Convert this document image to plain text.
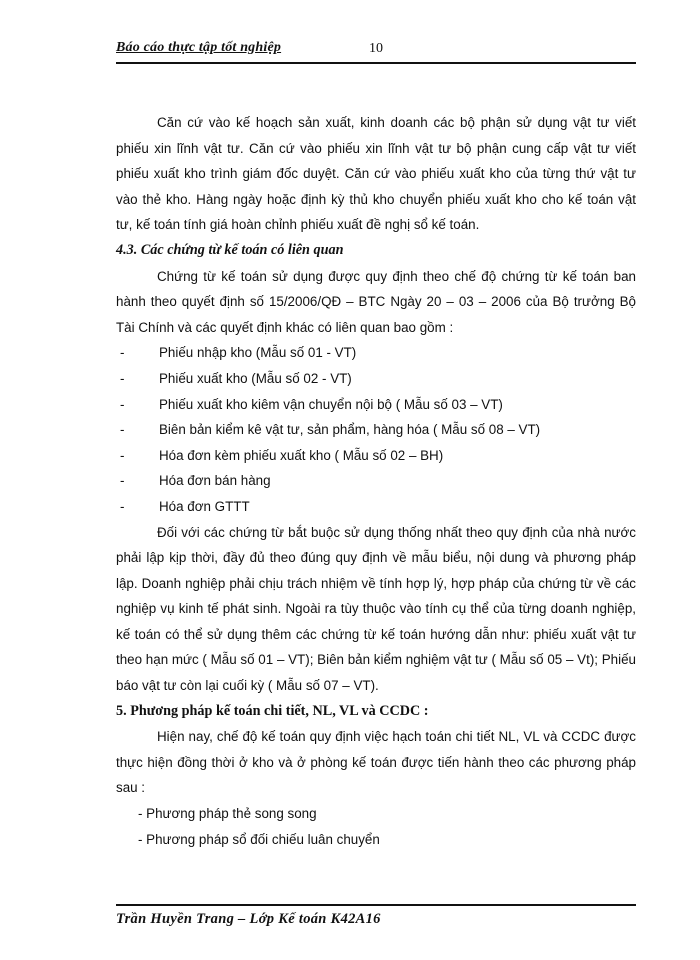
Báo cáo thực tập tốt nghiệp	10

Căn cứ vào kế hoạch sản xuất, kinh doanh các bộ phận sử dụng vật tư viết phiếu xin lĩnh vật tư. Căn cứ vào phiếu xin lĩnh vật tư bộ phận cung cấp vật tư viết phiếu xuất kho trình giám đốc duyệt. Căn cứ vào phiếu xuất kho của từng thứ vật tư vào thẻ kho. Hàng ngày hoặc định kỳ thủ kho chuyển phiếu xuất kho cho kế toán vật tư, kế toán tính giá hoàn chỉnh phiếu xuất đề nghị sổ kế toán.

4.3. Các chứng từ kế toán có liên quan

Chứng từ kế toán sử dụng được quy định theo chế độ chứng từ kế toán ban hành theo quyết định số 15/2006/QĐ – BTC Ngày 20 – 03 – 2006 của Bộ trưởng Bộ Tài Chính và các quyết định khác có liên quan bao gồm :

-	Phiếu nhập kho (Mẫu số 01 - VT)

-	Phiếu xuất kho (Mẫu số 02 - VT)

-	Phiếu xuất kho kiêm vận chuyển nội bộ ( Mẫu số 03 – VT)

-	Biên bản kiểm kê vật tư, sản phẩm, hàng hóa ( Mẫu số 08 – VT)

-	Hóa đơn kèm phiếu xuất kho ( Mẫu số 02 – BH)

-	Hóa đơn bán hàng

-	Hóa đơn GTTT

Đối với các chứng từ bắt buộc sử dụng thống nhất theo quy định của nhà nước phải lập kịp thời, đầy đủ theo đúng quy định về mẫu biểu, nội dung và phương pháp lập. Doanh nghiệp phải chịu trách nhiệm về tính hợp lý, hợp pháp của chứng từ về các nghiệp vụ kinh tế phát sinh. Ngoài ra tùy thuộc vào tính cụ thể của từng doanh nghiệp, kế toán có thể sử dụng thêm các chứng từ kế toán hướng dẫn như: phiếu xuất vật tư theo hạn mức ( Mẫu số 01 – VT); Biên bản kiểm nghiệm vật tư ( Mẫu số 05 – Vt); Phiếu báo vật tư còn lại cuối kỳ ( Mẫu số 07 – VT).

5. Phương pháp kế toán chi tiết, NL, VL và CCDC :

Hiện nay, chế độ kế toán quy định việc hạch toán chi tiết NL, VL và CCDC được thực hiện đồng thời ở kho và ở phòng kế toán được tiến hành theo các phương pháp sau :

- Phương pháp thẻ song song

- Phương pháp sổ đối chiếu luân chuyển

Trần Huyền Trang – Lớp Kế toán K42A16
